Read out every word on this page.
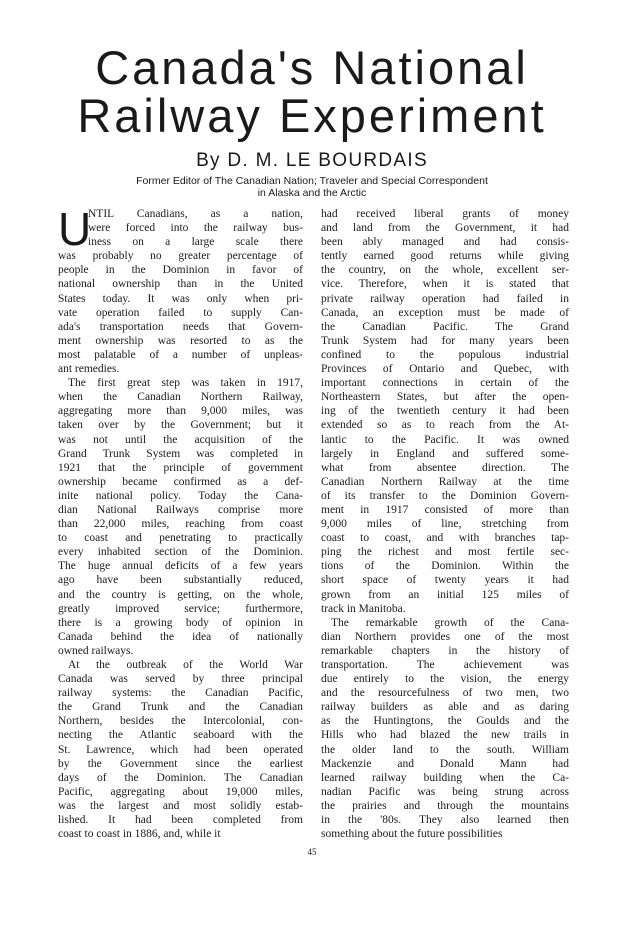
Canada's National
Railway Experiment
By D. M. LE BOURDAIS
Former Editor of The Canadian Nation; Traveler and Special Correspondent
in Alaska and the Arctic
U
NTIL Canadians, as a nation,
were forced into the railway bus-
iness on a large scale there
was probably no greater percentage of
people in the Dominion in favor of
national ownership than in the United
States today. It was only when pri-
vate operation failed to supply Can-
ada's transportation needs that Govern-
ment ownership was resorted to as the
most palatable of a number of unpleas-
ant remedies.
The first great step was taken in 1917,
when the Canadian Northern Railway,
aggregating more than 9,000 miles, was
taken over by the Government; but it
was not until the acquisition of the
Grand Trunk System was completed in
1921 that the principle of government
ownership became confirmed as a def-
inite national policy. Today the Cana-
dian National Railways comprise more
than 22,000 miles, reaching from coast
to coast and penetrating to practically
every inhabited section of the Dominion.
The huge annual deficits of a few years
ago have been substantially reduced,
and the country is getting, on the whole,
greatly improved service; furthermore,
there is a growing body of opinion in
Canada behind the idea of nationally
owned railways.
At the outbreak of the World War
Canada was served by three principal
railway systems: the Canadian Pacific,
the Grand Trunk and the Canadian
Northern, besides the Intercolonial, con-
necting the Atlantic seaboard with the
St. Lawrence, which had been operated
by the Government since the earliest
days of the Dominion. The Canadian
Pacific, aggregating about 19,000 miles,
was the largest and most solidly estab-
lished. It had been completed from
coast to coast in 1886, and, while it
had received liberal grants of money
and land from the Government, it had
been ably managed and had consis-
tently earned good returns while giving
the country, on the whole, excellent ser-
vice. Therefore, when it is stated that
private railway operation had failed in
Canada, an exception must be made of
the Canadian Pacific. The Grand
Trunk System had for many years been
confined to the populous industrial
Provinces of Ontario and Quebec, with
important connections in certain of the
Northeastern States, but after the open-
ing of the twentieth century it had been
extended so as to reach from the At-
lantic to the Pacific. It was owned
largely in England and suffered some-
what from absentee direction. The
Canadian Northern Railway at the time
of its transfer to the Dominion Govern-
ment in 1917 consisted of more than
9,000 miles of line, stretching from
coast to coast, and with branches tap-
ping the richest and most fertile sec-
tions of the Dominion. Within the
short space of twenty years it had
grown from an initial 125 miles of
track in Manitoba.
The remarkable growth of the Cana-
dian Northern provides one of the most
remarkable chapters in the history of
transportation. The achievement was
due entirely to the vision, the energy
and the resourcefulness of two men, two
railway builders as able and as daring
as the Huntingtons, the Goulds and the
Hills who had blazed the new trails in
the older land to the south. William
Mackenzie and Donald Mann had
learned railway building when the Ca-
nadian Pacific was being strung across
the prairies and through the mountains
in the '80s. They also learned then
something about the future possibilities
45
